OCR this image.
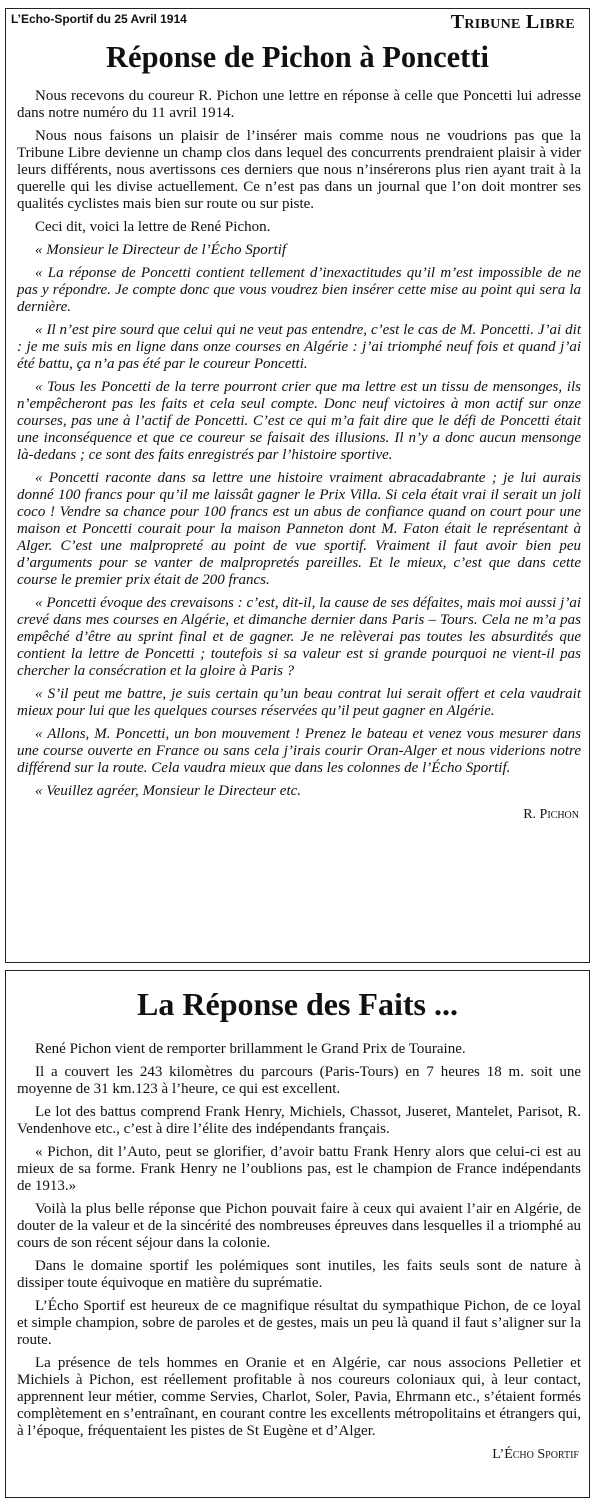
L’Echo-Sportif du 25 Avril 1914	Tribune Libre
Réponse de Pichon à Poncetti

Nous recevons du coureur R. Pichon une lettre en réponse à celle que Poncetti lui adresse dans notre numéro du 11 avril 1914.

Nous nous faisons un plaisir de l’insérer mais comme nous ne voudrions pas que la Tribune Libre devienne un champ clos dans lequel des concurrents prendraient plaisir à vider leurs différents, nous avertissons ces derniers que nous n’insérerons plus rien ayant trait à la querelle qui les divise actuellement. Ce n’est pas dans un journal que l’on doit montrer ses qualités cyclistes mais bien sur route ou sur piste.

Ceci dit, voici la lettre de René Pichon.

« Monsieur le Directeur de l’Écho Sportif

« La réponse de Poncetti contient tellement d’inexactitudes qu’il m’est impossible de ne pas y répondre. Je compte donc que vous voudrez bien insérer cette mise au point qui sera la dernière.

« Il n’est pire sourd que celui qui ne veut pas entendre, c’est le cas de M. Poncetti. J’ai dit : je me suis mis en ligne dans onze courses en Algérie : j’ai triomphé neuf fois et quand j’ai été battu, ça n’a pas été par le coureur Poncetti.

« Tous les Poncetti de la terre pourront crier que ma lettre est un tissu de mensonges, ils n’empêcheront pas les faits et cela seul compte. Donc neuf victoires à mon actif sur onze courses, pas une à l’actif de Poncetti. C’est ce qui m’a fait dire que le défi de Poncetti était une inconséquence et que ce coureur se faisait des illusions. Il n’y a donc aucun mensonge là-dedans ; ce sont des faits enregistrés par l’histoire sportive.

« Poncetti raconte dans sa lettre une histoire vraiment abracadabrante ; je lui aurais donné 100 francs pour qu’il me laissât gagner le Prix Villa. Si cela était vrai il serait un joli coco ! Vendre sa chance pour 100 francs est un abus de confiance quand on court pour une maison et Poncetti courait pour la maison Panneton dont M. Faton était le représentant à Alger. C’est une malpropreté au point de vue sportif. Vraiment il faut avoir bien peu d’arguments pour se vanter de malpropretés pareilles. Et le mieux, c’est que dans cette course le premier prix était de 200 francs.

« Poncetti évoque des crevaisons : c’est, dit-il, la cause de ses défaites, mais moi aussi j’ai crevé dans mes courses en Algérie, et dimanche dernier dans Paris – Tours. Cela ne m’a pas empêché d’être au sprint final et de gagner. Je ne relèverai pas toutes les absurdités que contient la lettre de Poncetti ; toutefois si sa valeur est si grande pourquoi ne vient-il pas chercher la consécration et la gloire à Paris ?

« S’il peut me battre, je suis certain qu’un beau contrat lui serait offert et cela vaudrait mieux pour lui que les quelques courses réservées qu’il peut gagner en Algérie.

« Allons, M. Poncetti, un bon mouvement ! Prenez le bateau et venez vous mesurer dans une course ouverte en France ou sans cela j’irais courir Oran-Alger et nous viderions notre différend sur la route. Cela vaudra mieux que dans les colonnes de l’Écho Sportif.

« Veuillez agréer, Monsieur le Directeur etc.

R. Pichon
La Réponse des Faits ...

René Pichon vient de remporter brillamment le Grand Prix de Touraine.

Il a couvert les 243 kilomètres du parcours (Paris-Tours) en 7 heures 18 m. soit une moyenne de 31 km.123 à l’heure, ce qui est excellent.

Le lot des battus comprend Frank Henry, Michiels, Chassot, Juseret, Mantelet, Parisot, R. Vendenhove etc., c’est à dire l’élite des indépendants français.

« Pichon, dit l’Auto, peut se glorifier, d’avoir battu Frank Henry alors que celui-ci est au mieux de sa forme. Frank Henry ne l’oublions pas, est le champion de France indépendants de 1913.»

Voilà la plus belle réponse que Pichon pouvait faire à ceux qui avaient l’air en Algérie, de douter de la valeur et de la sincérité des nombreuses épreuves dans lesquelles il a triomphé au cours de son récent séjour dans la colonie.

Dans le domaine sportif les polémiques sont inutiles, les faits seuls sont de nature à dissiper toute équivoque en matière du suprématie.

L’Écho Sportif est heureux de ce magnifique résultat du sympathique Pichon, de ce loyal et simple champion, sobre de paroles et de gestes, mais un peu là quand il faut s’aligner sur la route.

La présence de tels hommes en Oranie et en Algérie, car nous associons Pelletier et Michiels à Pichon, est réellement profitable à nos coureurs coloniaux qui, à leur contact, apprennent leur métier, comme Servies, Charlot, Soler, Pavia, Ehrmann etc., s’étaient formés complètement en s’entraînant, en courant contre les excellents métropolitains et étrangers qui, à l’époque, fréquentaient les pistes de St Eugène et d’Alger.

L’Écho Sportif
